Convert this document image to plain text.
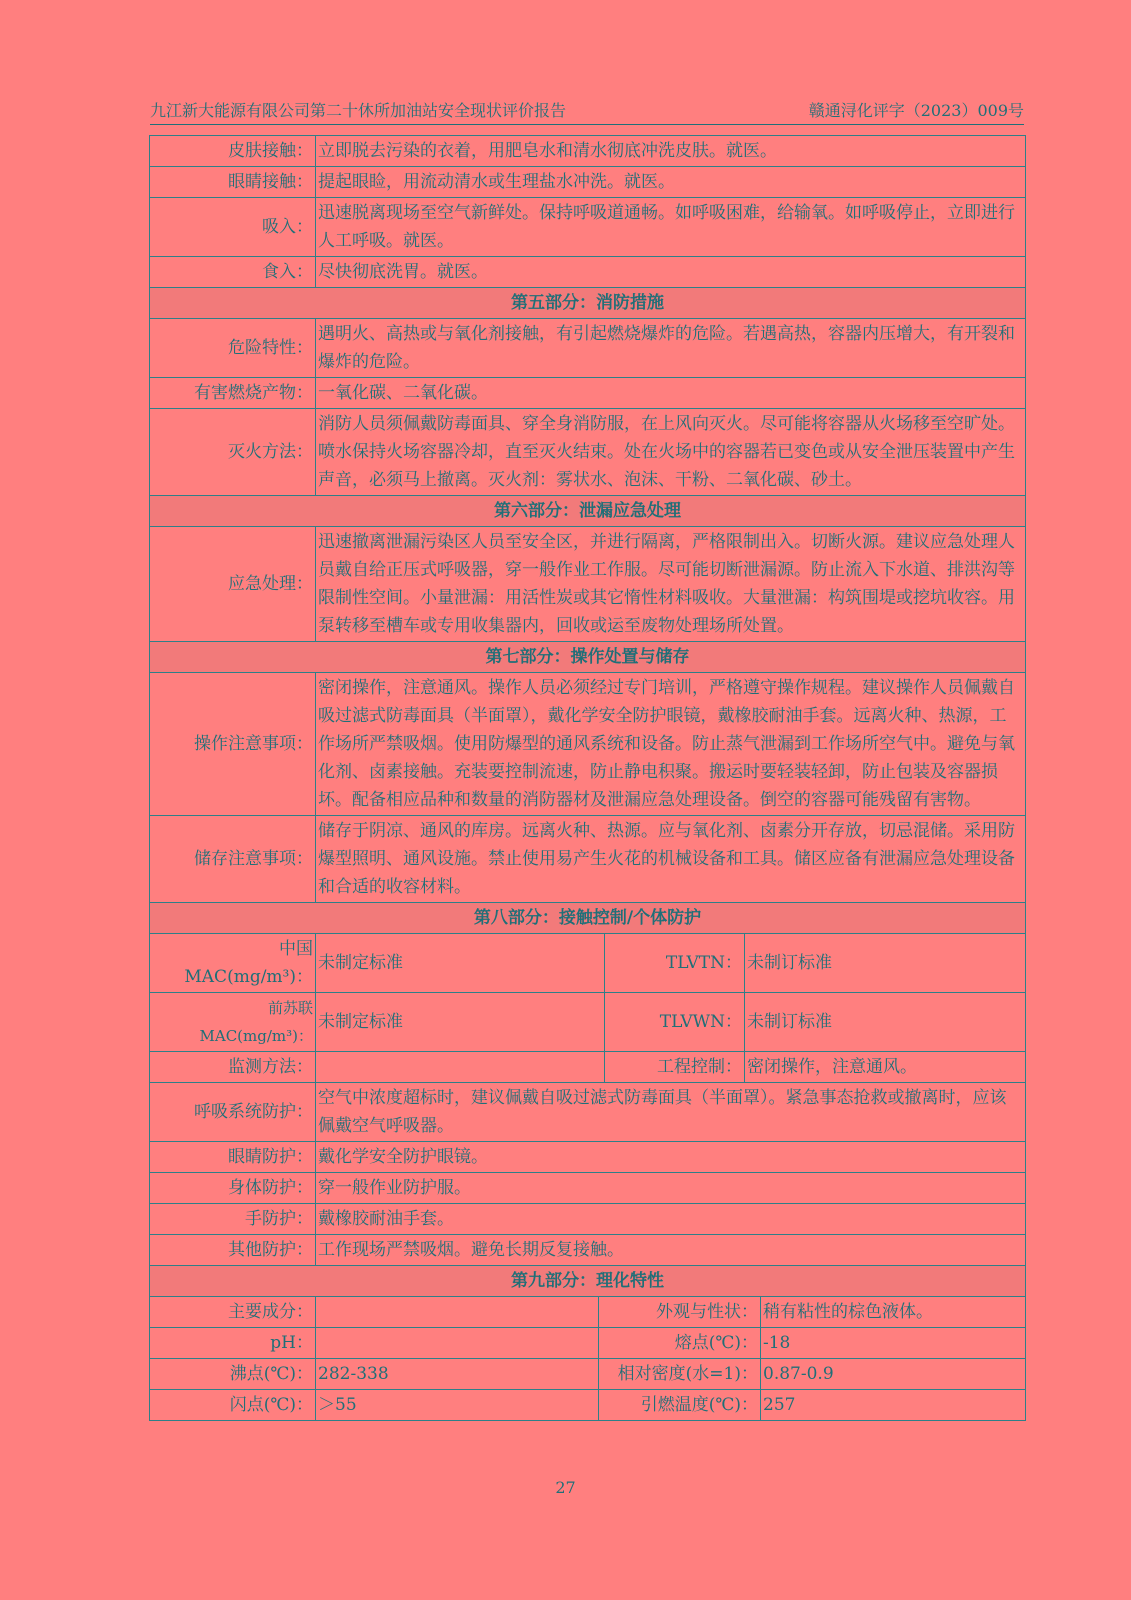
九江新大能源有限公司第二十休所加油站安全现状评价报告	赣通浔化评字（2023）009号
皮肤接触：	立即脱去污染的衣着，用肥皂水和清水彻底冲洗皮肤。就医。				
眼睛接触：	提起眼睑，用流动清水或生理盐水冲洗。就医。				
吸入：	迅速脱离现场至空气新鲜处。保持呼吸道通畅。如呼吸困难，给输氧。如呼吸停止，立即进行人工呼吸。就医。				
食入：	尽快彻底洗胃。就医。				
第五部分：消防措施					
危险特性：	遇明火、高热或与氧化剂接触，有引起燃烧爆炸的危险。若遇高热，容器内压增大，有开裂和爆炸的危险。				
有害燃烧产物：	一氧化碳、二氧化碳。				
灭火方法：	消防人员须佩戴防毒面具、穿全身消防服，在上风向灭火。尽可能将容器从火场移至空旷处。喷水保持火场容器冷却，直至灭火结束。处在火场中的容器若已变色或从安全泄压装置中产生声音，必须马上撤离。灭火剂：雾状水、泡沫、干粉、二氧化碳、砂土。				
第六部分：泄漏应急处理					
应急处理：	迅速撤离泄漏污染区人员至安全区，并进行隔离，严格限制出入。切断火源。建议应急处理人员戴自给正压式呼吸器，穿一般作业工作服。尽可能切断泄漏源。防止流入下水道、排洪沟等限制性空间。小量泄漏：用活性炭或其它惰性材料吸收。大量泄漏：构筑围堤或挖坑收容。用泵转移至槽车或专用收集器内，回收或运至废物处理场所处置。				
第七部分：操作处置与储存					
操作注意事项：	密闭操作，注意通风。操作人员必须经过专门培训，严格遵守操作规程。建议操作人员佩戴自吸过滤式防毒面具（半面罩），戴化学安全防护眼镜，戴橡胶耐油手套。远离火种、热源，工作场所严禁吸烟。使用防爆型的通风系统和设备。防止蒸气泄漏到工作场所空气中。避免与氧化剂、卤素接触。充装要控制流速，防止静电积聚。搬运时要轻装轻卸，防止包装及容器损坏。配备相应品种和数量的消防器材及泄漏应急处理设备。倒空的容器可能残留有害物。				
储存注意事项：	储存于阴凉、通风的库房。远离火种、热源。应与氧化剂、卤素分开存放，切忌混储。采用防爆型照明、通风设施。禁止使用易产生火花的机械设备和工具。储区应备有泄漏应急处理设备和合适的收容材料。				
第八部分：接触控制/个体防护					
中国 MAC(mg/m³)：	未制定标准		TLVTN：	未制订标准	
前苏联 MAC(mg/m³)：	未制定标准		TLVWN：	未制订标准	
监测方法：			工程控制：	密闭操作，注意通风。	
呼吸系统防护：	空气中浓度超标时，建议佩戴自吸过滤式防毒面具（半面罩）。紧急事态抢救或撤离时，应该佩戴空气呼吸器。				
眼睛防护：	戴化学安全防护眼镜。				
身体防护：	穿一般作业防护服。				
手防护：	戴橡胶耐油手套。				
其他防护：	工作现场严禁吸烟。避免长期反复接触。				
第九部分：理化特性					
主要成分：		外观与性状：			稍有粘性的棕色液体。
pH：		熔点(℃)：			-18
沸点(℃)：	282-338	相对密度(水=1)：			0.87-0.9
闪点(℃)：	＞55	引燃温度(℃)：			257
27
